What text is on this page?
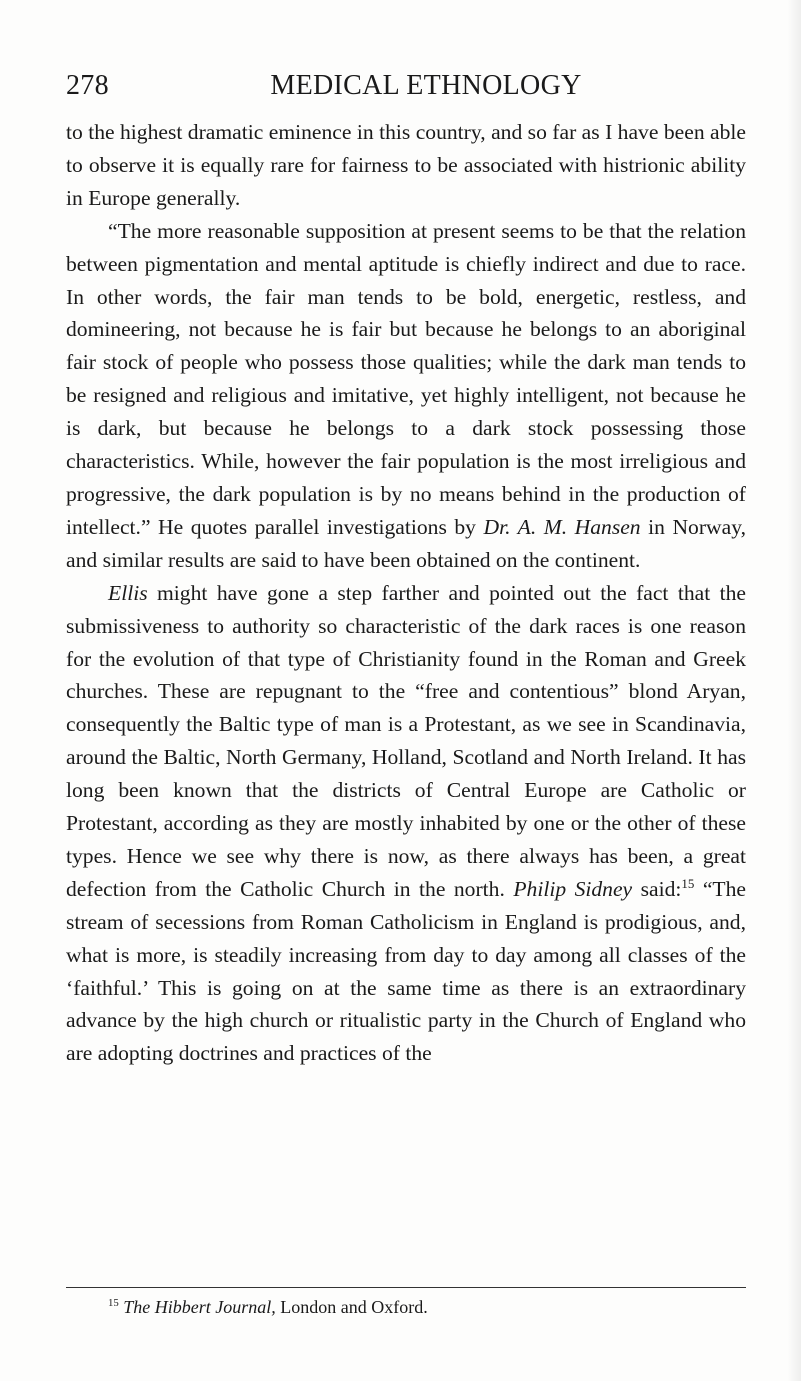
278	MEDICAL ETHNOLOGY

to the highest dramatic eminence in this country, and so far as I have been able to observe it is equally rare for fairness to be associated with histrionic ability in Europe generally.

“The more reasonable supposition at present seems to be that the relation between pigmentation and mental aptitude is chiefly indirect and due to race. In other words, the fair man tends to be bold, energetic, restless, and domineering, not because he is fair but because he belongs to an aboriginal fair stock of people who possess those qualities; while the dark man tends to be resigned and religious and imitative, yet highly intelligent, not because he is dark, but because he belongs to a dark stock possessing those characteristics. While, however the fair population is the most irreligious and progressive, the dark population is by no means behind in the production of intellect.” He quotes parallel investigations by Dr. A. M. Hansen in Norway, and similar results are said to have been obtained on the continent.

Ellis might have gone a step farther and pointed out the fact that the submissiveness to authority so characteristic of the dark races is one reason for the evolution of that type of Christianity found in the Roman and Greek churches. These are repugnant to the “free and contentious” blond Aryan, consequently the Baltic type of man is a Protestant, as we see in Scandinavia, around the Baltic, North Germany, Holland, Scotland and North Ireland. It has long been known that the districts of Central Europe are Catholic or Protestant, according as they are mostly inhabited by one or the other of these types. Hence we see why there is now, as there always has been, a great defection from the Catholic Church in the north. Philip Sidney said:$^{15}$ “The stream of secessions from Roman Catholicism in England is prodigious, and, what is more, is steadily increasing from day to day among all classes of the ‘faithful.’ This is going on at the same time as there is an extraordinary advance by the high church or ritualistic party in the Church of England who are adopting doctrines and practices of the

$^{15}$ The Hibbert Journal, London and Oxford.
